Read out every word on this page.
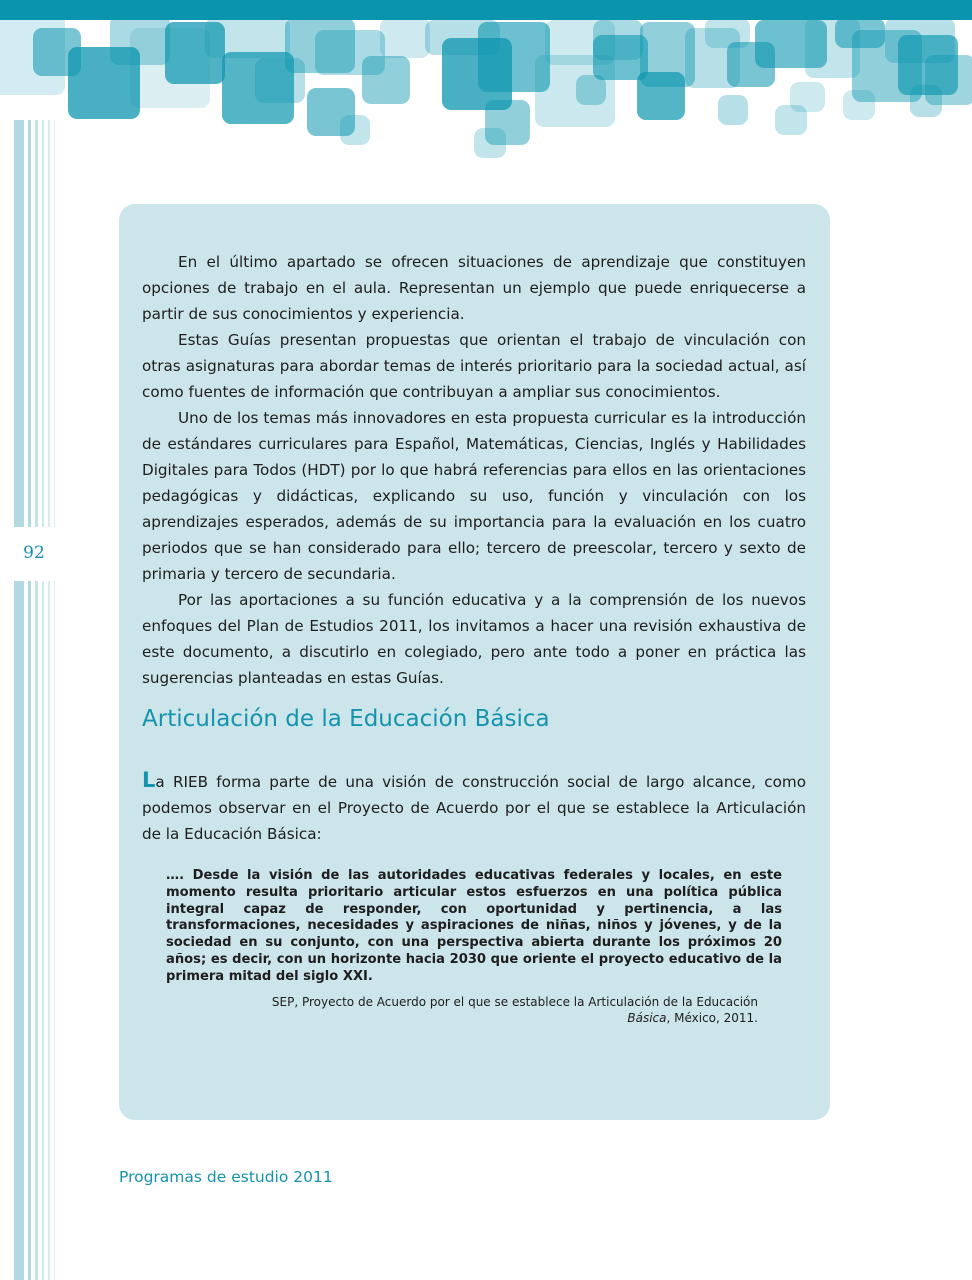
92

En el último apartado se ofrecen situaciones de aprendizaje que constituyen opciones de trabajo en el aula. Representan un ejemplo que puede enriquecerse a partir de sus conocimientos y experiencia.

Estas Guías presentan propuestas que orientan el trabajo de vinculación con otras asignaturas para abordar temas de interés prioritario para la sociedad actual, así como fuentes de información que contribuyan a ampliar sus conocimientos.

Uno de los temas más innovadores en esta propuesta curricular es la introducción de estándares curriculares para Español, Matemáticas, Ciencias, Inglés y Habilidades Digitales para Todos (HDT) por lo que habrá referencias para ellos en las orientaciones pedagógicas y didácticas, explicando su uso, función y vinculación con los aprendizajes esperados, además de su importancia para la evaluación en los cuatro periodos que se han considerado para ello; tercero de preescolar, tercero y sexto de primaria y tercero de secundaria.

Por las aportaciones a su función educativa y a la comprensión de los nuevos enfoques del Plan de Estudios 2011, los invitamos a hacer una revisión exhaustiva de este documento, a discutirlo en colegiado, pero ante todo a poner en práctica las sugerencias planteadas en estas Guías.

Articulación de la Educación Básica

La RIEB forma parte de una visión de construcción social de largo alcance, como podemos observar en el Proyecto de Acuerdo por el que se establece la Articulación de la Educación Básica:

…. Desde la visión de las autoridades educativas federales y locales, en este momento resulta prioritario articular estos esfuerzos en una política pública integral capaz de responder, con oportunidad y pertinencia, a las transformaciones, necesidades y aspiraciones de niñas, niños y jóvenes, y de la sociedad en su conjunto, con una perspectiva abierta durante los próximos 20 años; es decir, con un horizonte hacia 2030 que oriente el proyecto educativo de la primera mitad del siglo XXI.

SEP, Proyecto de Acuerdo por el que se establece la Articulación de la Educación
Básica, México, 2011.

Programas de estudio 2011
